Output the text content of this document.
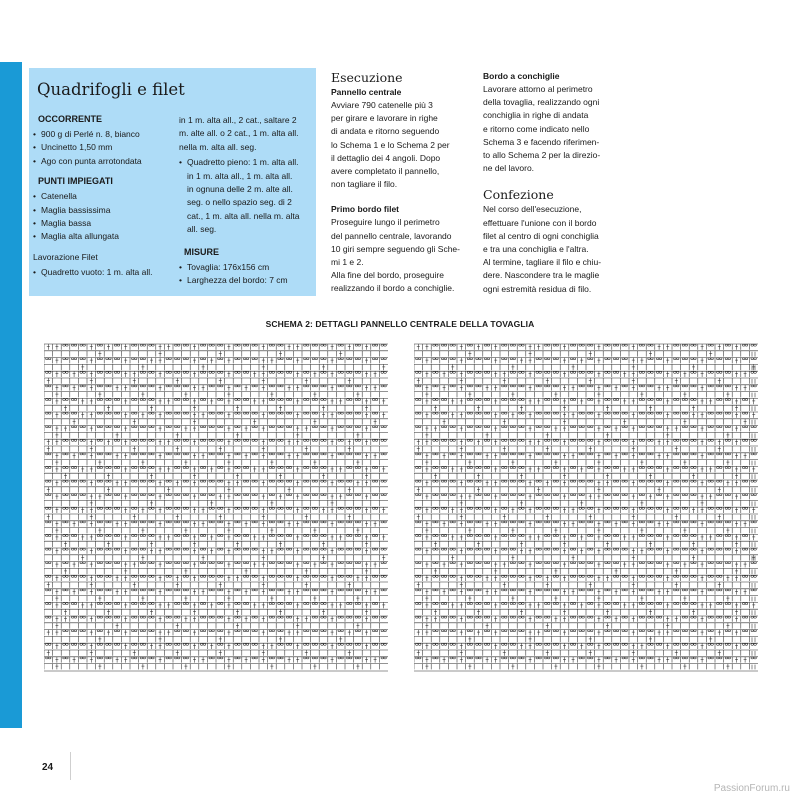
Quadrifogli e filet
OCCORRENTE
• 900 g di Perlé n. 8, bianco
• Uncinetto 1,50 mm
• Ago con punta arrotondata
PUNTI IMPIEGATI
• Catenella
• Maglia bassissima
• Maglia bassa
• Maglia alta allungata
Lavorazione Filet
• Quadretto vuoto: 1 m. alta all.
in 1 m. alta all., 2 cat., saltare 2
m. alte all. o 2 cat., 1 m. alta all.
nella m. alta all. seg.
• Quadretto pieno: 1 m. alta all.
in 1 m. alta all., 1 m. alta all.
in ognuna delle 2 m. alte all.
seg. o nello spazio seg. di 2
cat., 1 m. alta all. nella m. alta
all. seg.
MISURE
• Tovaglia: 176x156 cm
• Larghezza del bordo: 7 cm
Esecuzione
Pannello centrale

Avviare 790 catenelle più 3
per girare e lavorare in righe
di andata e ritorno seguendo
lo Schema 1 e lo Schema 2 per
il dettaglio dei 4 angoli. Dopo
avere completato il pannello,
non tagliare il filo.

Primo bordo filet

Proseguire lungo il perimetro
del pannello centrale, lavorando
10 giri sempre seguendo gli Sche-
mi 1 e 2.
Alla fine del bordo, proseguire
realizzando il bordo a conchiglie.

Bordo a conchiglie

Lavorare attorno al perimetro
della tovaglia, realizzando ogni
conchiglia in righe di andata
e ritorno come indicato nello
Schema 3 e facendo riferimen-
to allo Schema 2 per la direzio-
ne del lavoro.

Confezione

Nel corso dell'esecuzione,
effettuare l'unione con il bordo
filet al centro di ogni conchiglia
e tra una conchiglia e l'altra.
Al termine, tagliare il filo e chiu-
dere. Nascondere tra le maglie
ogni estremità residua di filo.

SCHEMA 2: DETTAGLI PANNELLO CENTRALE DELLA TOVAGLIA

24
PassionForum.ru
